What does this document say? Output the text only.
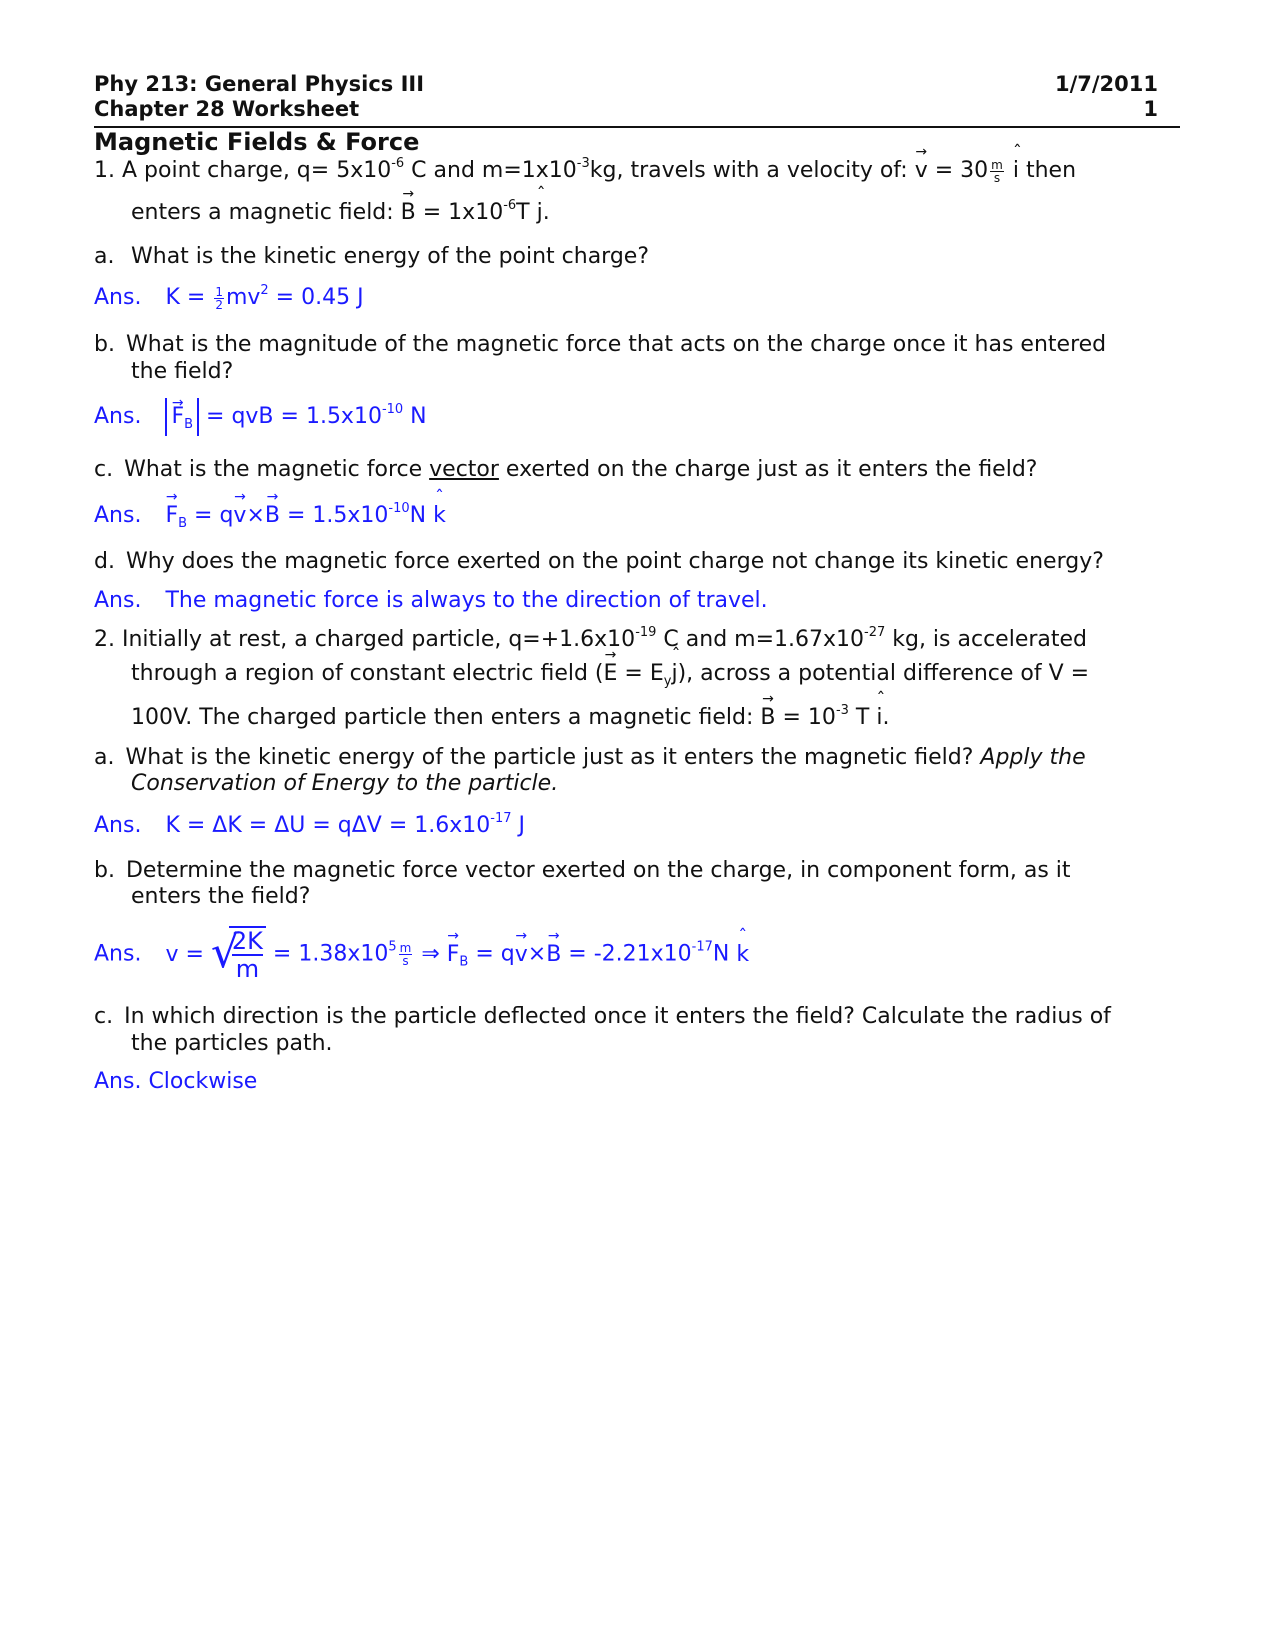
Phy 213: General Physics III	1/7/2011
Chapter 28 Worksheet	1
Magnetic Fields & Force
1. A point charge, $q= 5x10^{-6}$ C and $m=1x10^{-3}kg$, travels with a velocity of: → $v = 30 \frac{m}{s}$
ˆ i then
enters a magnetic field: → $B = 1x10^{-6}T$ ˆ j.
a. What is the kinetic energy of the point charge?
Ans. $K = \frac{1}{2} mv^2 = 0.45$ J
b. What is the magnitude of the magnetic force that acts on the charge once it has entered
the field?
$Ans.\to F_B$ = qvB = $1.5x10^{-10}$ N
c. What is the magnetic force vector exerted on the charge just as it enters the field?
$Ans.\to F_B = q\to v\times\to B = 1.5x10^{-10}N$ ˆ k
d. Why does the magnetic force exerted on the point charge not change its kinetic energy?
Ans. The magnetic force is always to the direction of travel.
2. Initially at rest, a charged particle, $q=+1.6x10^{-19}$ C and $m=1.67x10^{-27}$ kg, is accelerated
through a region of constant electric field (→ $E = E_yˆ$ j), across a potential difference of V =
100V. The charged particle then enters a magnetic field: → $B = 10^{-3}$ T ˆ i.
a. What is the kinetic energy of the particle just as it enters the magnetic field? Apply the
Conservation of Energy to the particle.
Ans. $K = \Delta K = \Delta U = q\Delta V = 1.6x10^{-17}$ J
b. Determine the magnetic force vector exerted on the charge, in component form, as it
enters the field?
Ans. v = √
$\frac{2K}{m} = 1.38x10^5 \frac{m}{s}$ ⇒ → $F_B = q\to v\times\to B = -2.21x10^{-17}N$ ˆ k
c. In which direction is the particle deflected once it enters the field? Calculate the radius of
the particles path.
Ans. Clockwise
